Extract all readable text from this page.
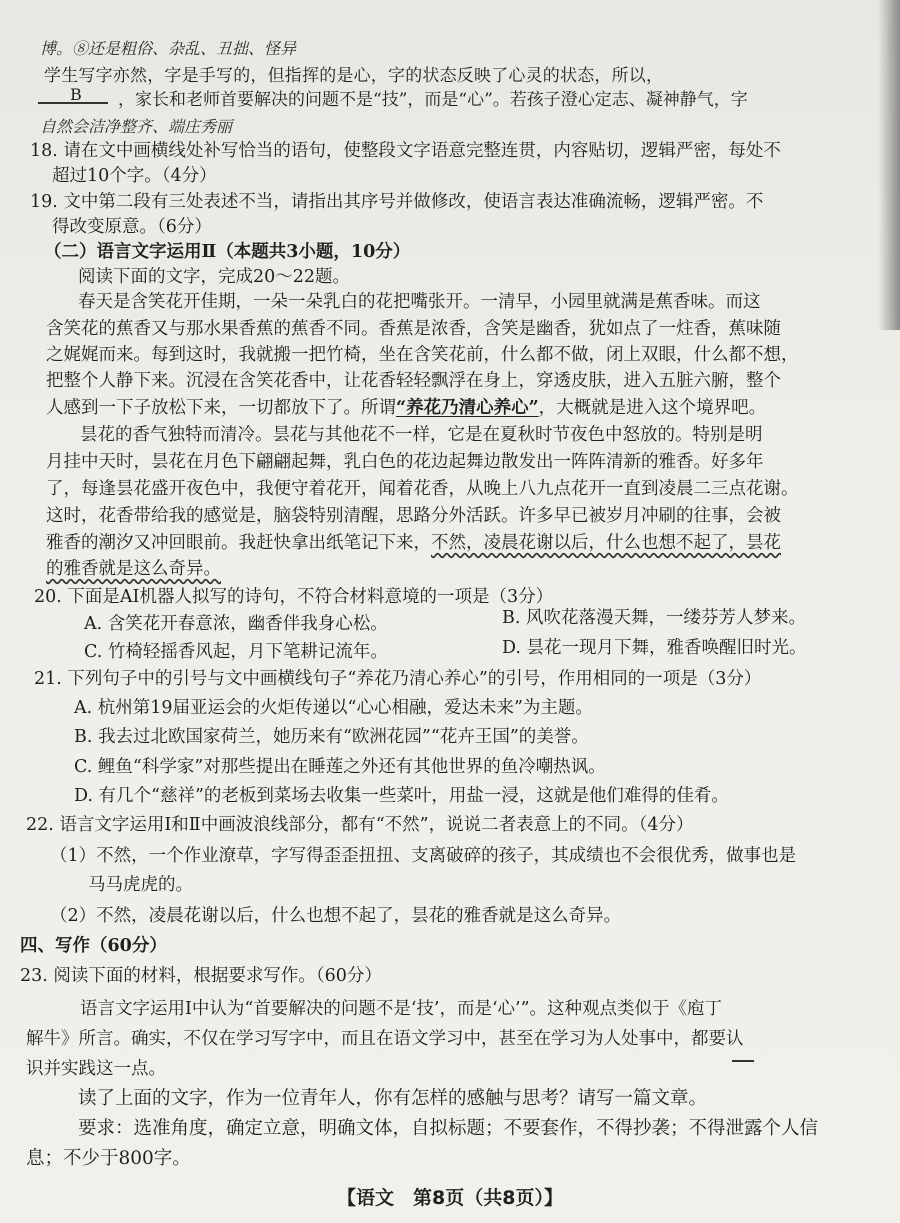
博。⑧还是粗俗、杂乱、丑拙、怪异
学生写字亦然，字是手写的，但指挥的是心，字的状态反映了心灵的状态，所以，
B ，家长和老师首要解决的问题不是“技”，而是“心”。若孩子澄心定志、凝神静气，字
自然会洁净整齐、端庄秀丽
18. 请在文中画横线处补写恰当的语句，使整段文字语意完整连贯，内容贴切，逻辑严密，每处不
超过10个字。（4分）
19. 文中第二段有三处表述不当，请指出其序号并做修改，使语言表达准确流畅，逻辑严密。不
得改变原意。（6分）
（二）语言文字运用Ⅱ（本题共3小题，10分）
阅读下面的文字，完成20～22题。
春天是含笑花开佳期，一朵一朵乳白的花把嘴张开。一清早，小园里就满是蕉香味。而这
含笑花的蕉香又与那水果香蕉的蕉香不同。香蕉是浓香，含笑是幽香，犹如点了一炷香，蕉味随
之娓娓而来。每到这时，我就搬一把竹椅，坐在含笑花前，什么都不做，闭上双眼，什么都不想，
把整个人静下来。沉浸在含笑花香中，让花香轻轻飘浮在身上，穿透皮肤，进入五脏六腑，整个
人感到一下子放松下来，一切都放下了。所谓“养花乃清心养心”，大概就是进入这个境界吧。
昙花的香气独特而清冷。昙花与其他花不一样，它是在夏秋时节夜色中怒放的。特别是明
月挂中天时，昙花在月色下翩翩起舞，乳白色的花边起舞边散发出一阵阵清新的雅香。好多年
了，每逢昙花盛开夜色中，我便守着花开，闻着花香，从晚上八九点花开一直到凌晨二三点花谢。
这时，花香带给我的感觉是，脑袋特别清醒，思路分外活跃。许多早已被岁月冲刷的往事，会被
雅香的潮汐又冲回眼前。我赶快拿出纸笔记下来，不然，凌晨花谢以后，什么也想不起了，昙花
的雅香就是这么奇异。
20. 下面是AI机器人拟写的诗句，不符合材料意境的一项是（3分）
A. 含笑花开春意浓，幽香伴我身心松。	B. 风吹花落漫天舞，一缕芬芳人梦来。
C. 竹椅轻摇香风起，月下笔耕记流年。	D. 昙花一现月下舞，雅香唤醒旧时光。
21. 下列句子中的引号与文中画横线句子“养花乃清心养心”的引号，作用相同的一项是（3分）
A. 杭州第19届亚运会的火炬传递以“心心相融，爱达未来”为主题。
B. 我去过北欧国家荷兰，她历来有“欧洲花园”“花卉王国”的美誉。
C. 鲤鱼“科学家”对那些提出在睡莲之外还有其他世界的鱼冷嘲热讽。
D. 有几个“慈祥”的老板到菜场去收集一些菜叶，用盐一浸，这就是他们难得的佳肴。
22. 语言文字运用Ⅰ和Ⅱ中画波浪线部分，都有“不然”，说说二者表意上的不同。（4分）
（1）不然，一个作业潦草，字写得歪歪扭扭、支离破碎的孩子，其成绩也不会很优秀，做事也是
马马虎虎的。
（2）不然，凌晨花谢以后，什么也想不起了，昙花的雅香就是这么奇异。
四、写作（60分）
23. 阅读下面的材料，根据要求写作。（60分）
语言文字运用Ⅰ中认为“首要解决的问题不是‘技’，而是‘心’”。这种观点类似于《庖丁
解牛》所言。确实，不仅在学习写字中，而且在语文学习中，甚至在学习为人处事中，都要认
识并实践这一点。
读了上面的文字，作为一位青年人，你有怎样的感触与思考？请写一篇文章。
要求：选准角度，确定立意，明确文体，自拟标题；不要套作，不得抄袭；不得泄露个人信
息；不少于800字。
【语文　第8页（共8页）】
